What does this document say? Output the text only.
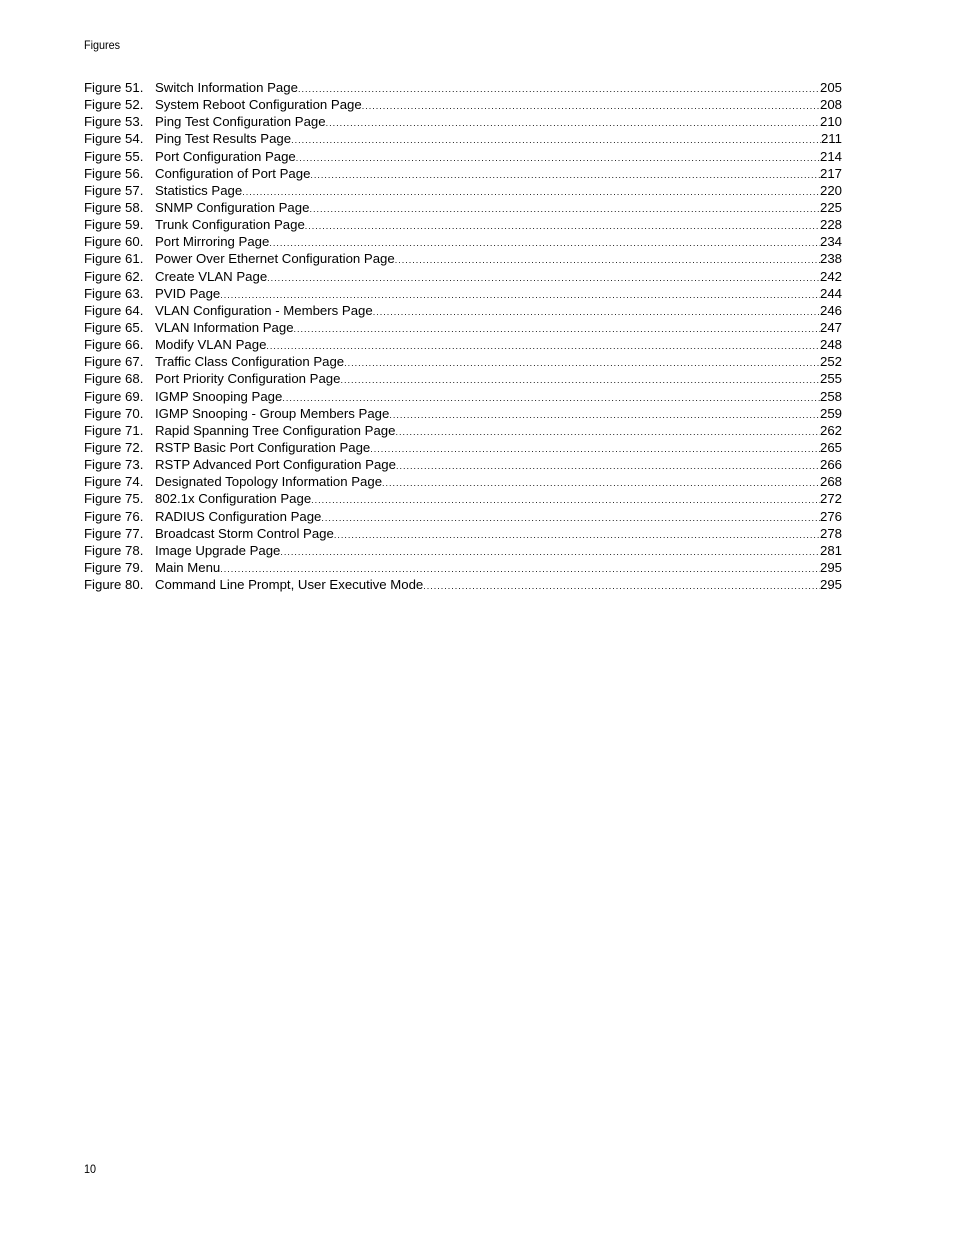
Figures
Figure 51. Switch Information Page .....	205
Figure 52. System Reboot Configuration Page .....	208
Figure 53. Ping Test Configuration Page .....	210
Figure 54. Ping Test Results Page .....	211
Figure 55. Port Configuration Page .....	214
Figure 56. Configuration of Port Page .....	217
Figure 57. Statistics Page .....	220
Figure 58. SNMP Configuration Page .....	225
Figure 59. Trunk Configuration Page .....	228
Figure 60. Port Mirroring Page .....	234
Figure 61. Power Over Ethernet Configuration Page .....	238
Figure 62. Create VLAN Page .....	242
Figure 63. PVID Page .....	244
Figure 64. VLAN Configuration - Members Page .....	246
Figure 65. VLAN Information Page .....	247
Figure 66. Modify VLAN Page .....	248
Figure 67. Traffic Class Configuration Page .....	252
Figure 68. Port Priority Configuration Page .....	255
Figure 69. IGMP Snooping Page .....	258
Figure 70. IGMP Snooping - Group Members Page .....	259
Figure 71. Rapid Spanning Tree Configuration Page .....	262
Figure 72. RSTP Basic Port Configuration Page .....	265
Figure 73. RSTP Advanced Port Configuration Page .....	266
Figure 74. Designated Topology Information Page .....	268
Figure 75. 802.1x Configuration Page .....	272
Figure 76. RADIUS Configuration Page .....	276
Figure 77. Broadcast Storm Control Page .....	278
Figure 78. Image Upgrade Page .....	281
Figure 79. Main Menu .....	295
Figure 80. Command Line Prompt, User Executive Mode .....	295
10
